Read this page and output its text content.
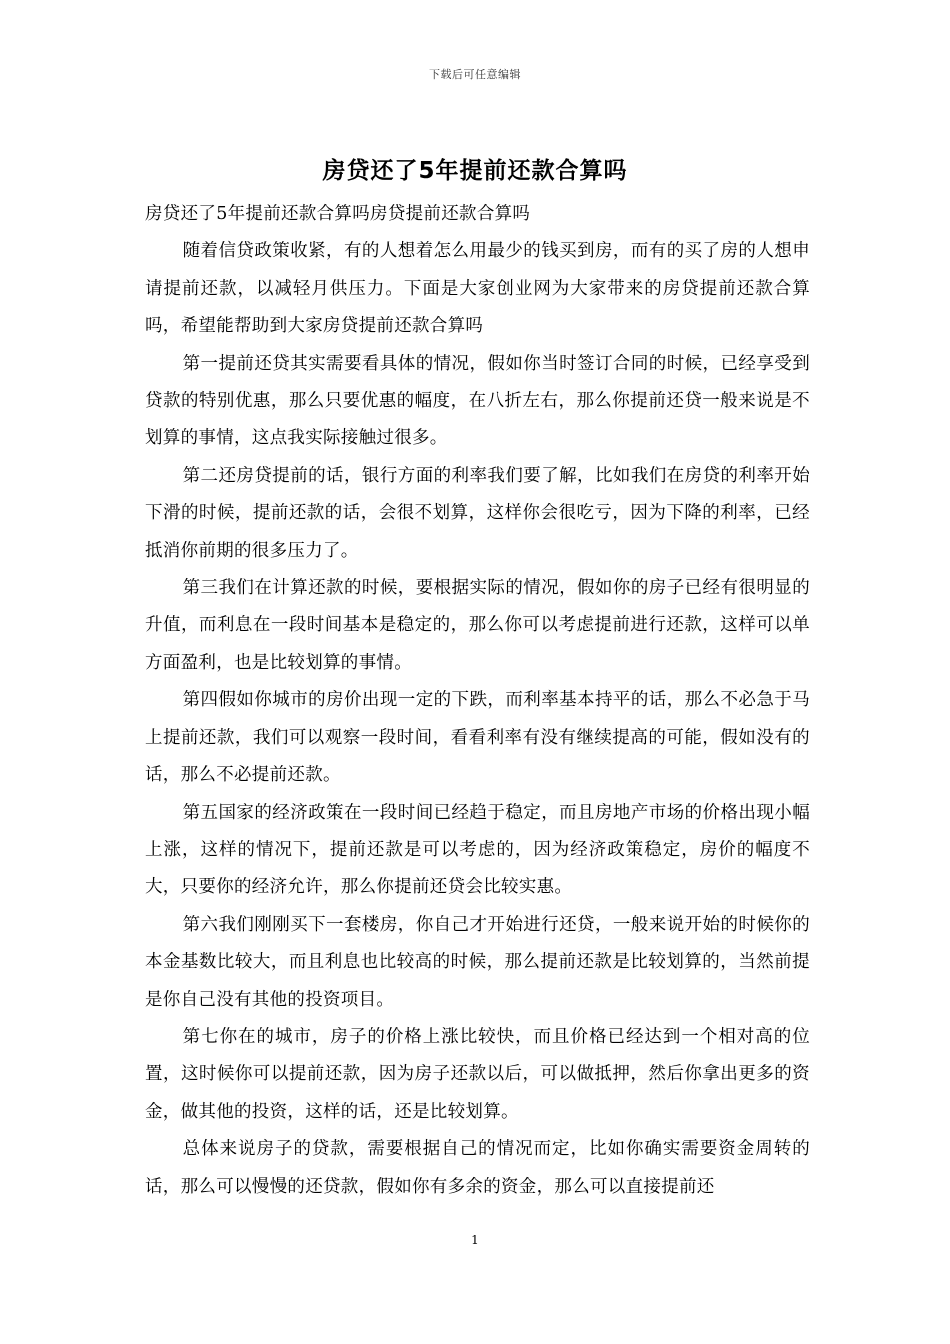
下载后可任意编辑
房贷还了5年提前还款合算吗

房贷还了5年提前还款合算吗房贷提前还款合算吗

随着信贷政策收紧，有的人想着怎么用最少的钱买到房，而有的买了房的人想申请提前还款，以减轻月供压力。下面是大家创业网为大家带来的房贷提前还款合算吗，希望能帮助到大家房贷提前还款合算吗

第一提前还贷其实需要看具体的情况，假如你当时签订合同的时候，已经享受到贷款的特别优惠，那么只要优惠的幅度，在八折左右，那么你提前还贷一般来说是不划算的事情，这点我实际接触过很多。

第二还房贷提前的话，银行方面的利率我们要了解，比如我们在房贷的利率开始下滑的时候，提前还款的话，会很不划算，这样你会很吃亏，因为下降的利率，已经抵消你前期的很多压力了。

第三我们在计算还款的时候，要根据实际的情况，假如你的房子已经有很明显的升值，而利息在一段时间基本是稳定的，那么你可以考虑提前进行还款，这样可以单方面盈利，也是比较划算的事情。

第四假如你城市的房价出现一定的下跌，而利率基本持平的话，那么不必急于马上提前还款，我们可以观察一段时间，看看利率有没有继续提高的可能，假如没有的话，那么不必提前还款。

第五国家的经济政策在一段时间已经趋于稳定，而且房地产市场的价格出现小幅上涨，这样的情况下，提前还款是可以考虑的，因为经济政策稳定，房价的幅度不大，只要你的经济允许，那么你提前还贷会比较实惠。

第六我们刚刚买下一套楼房，你自己才开始进行还贷，一般来说开始的时候你的本金基数比较大，而且利息也比较高的时候，那么提前还款是比较划算的，当然前提是你自己没有其他的投资项目。

第七你在的城市，房子的价格上涨比较快，而且价格已经达到一个相对高的位置，这时候你可以提前还款，因为房子还款以后，可以做抵押，然后你拿出更多的资金，做其他的投资，这样的话，还是比较划算。

总体来说房子的贷款，需要根据自己的情况而定，比如你确实需要资金周转的话，那么可以慢慢的还贷款，假如你有多余的资金，那么可以直接提前还

1
